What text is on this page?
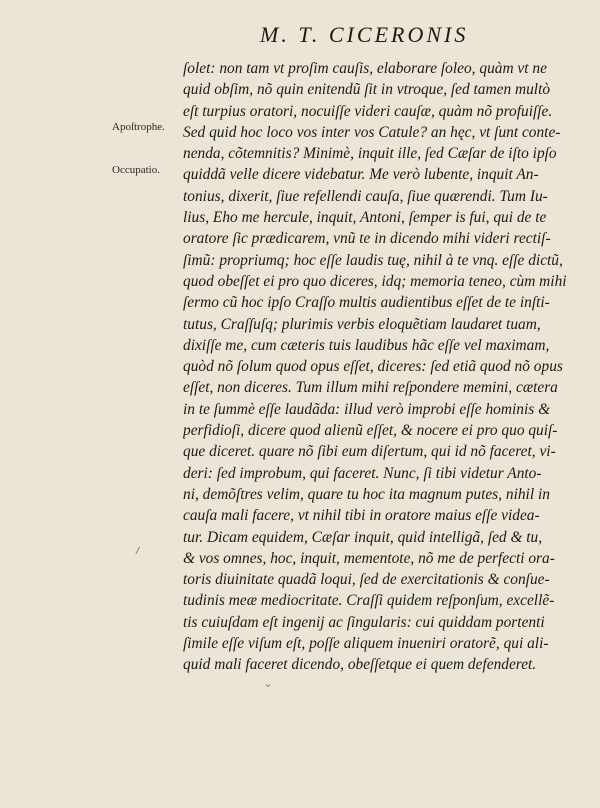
M. T. CICERONIS
Apoſtrophe.
Occupatio.
/
ſolet: non tam vt proſim cauſis, elaborare ſoleo, quàm vt ne
quid obſim, nõ quin enitendũ ſit in vtroque, ſed tamen multò
eſt turpius oratori, nocuiſſe videri cauſæ, quàm nõ profuiſſe.
Sed quid hoc loco vos inter vos Catule? an hęc, vt ſunt conte-
nenda, cõtemnitis? Minimè, inquit ille, ſed Cæſar de iſto ipſo
quiddã velle dicere videbatur. Me verò lubente, inquit An-
tonius, dixerit, ſiue refellendi cauſa, ſiue quærendi. Tum Iu-
lius, Eho me hercule, inquit, Antoni, ſemper is fui, qui de te
oratore ſic prædicarem, vnũ te in dicendo mihi videri rectiſ-
ſimũ: propriumq; hoc eſſe laudis tuę, nihil à te vnq. eſſe dictũ,
quod obeſſet ei pro quo diceres, idq; memoria teneo, cùm mihi
ſermo cũ hoc ipſo Craſſo multis audientibus eſſet de te inſti-
tutus, Craſſuſq; plurimis verbis eloquẽtiam laudaret tuam,
dixiſſe me, cum cæteris tuis laudibus hãc eſſe vel maximam,
quòd nõ ſolum quod opus eſſet, diceres: ſed etiã quod nõ opus
eſſet, non diceres. Tum illum mihi reſpondere memini, cætera
in te ſummè eſſe laudãda: illud verò improbi eſſe hominis &
perfidioſi, dicere quod alienũ eſſet, & nocere ei pro quo quiſ-
que diceret. quare nõ ſibi eum diſertum, qui id nõ faceret, vi-
deri: ſed improbum, qui faceret. Nunc, ſi tibi videtur Anto-
ni, demõſtres velim, quare tu hoc ita magnum putes, nihil in
cauſa mali facere, vt nihil tibi in oratore maius eſſe videa-
tur. Dicam equidem, Cæſar inquit, quid intelligã, ſed & tu,
& vos omnes, hoc, inquit, mementote, nõ me de perfecti ora-
toris diuinitate quadã loqui, ſed de exercitationis & conſue-
tudinis meæ mediocritate. Craſſi quidem reſponſum, excellẽ-
tis cuiuſdam eſt ingenij ac ſingularis: cui quiddam portenti
ſimile eſſe viſum eſt, poſſe aliquem inueniri oratorẽ, qui ali-
quid mali faceret dicendo, obeſſetque ei quem defenderet.
⌄
